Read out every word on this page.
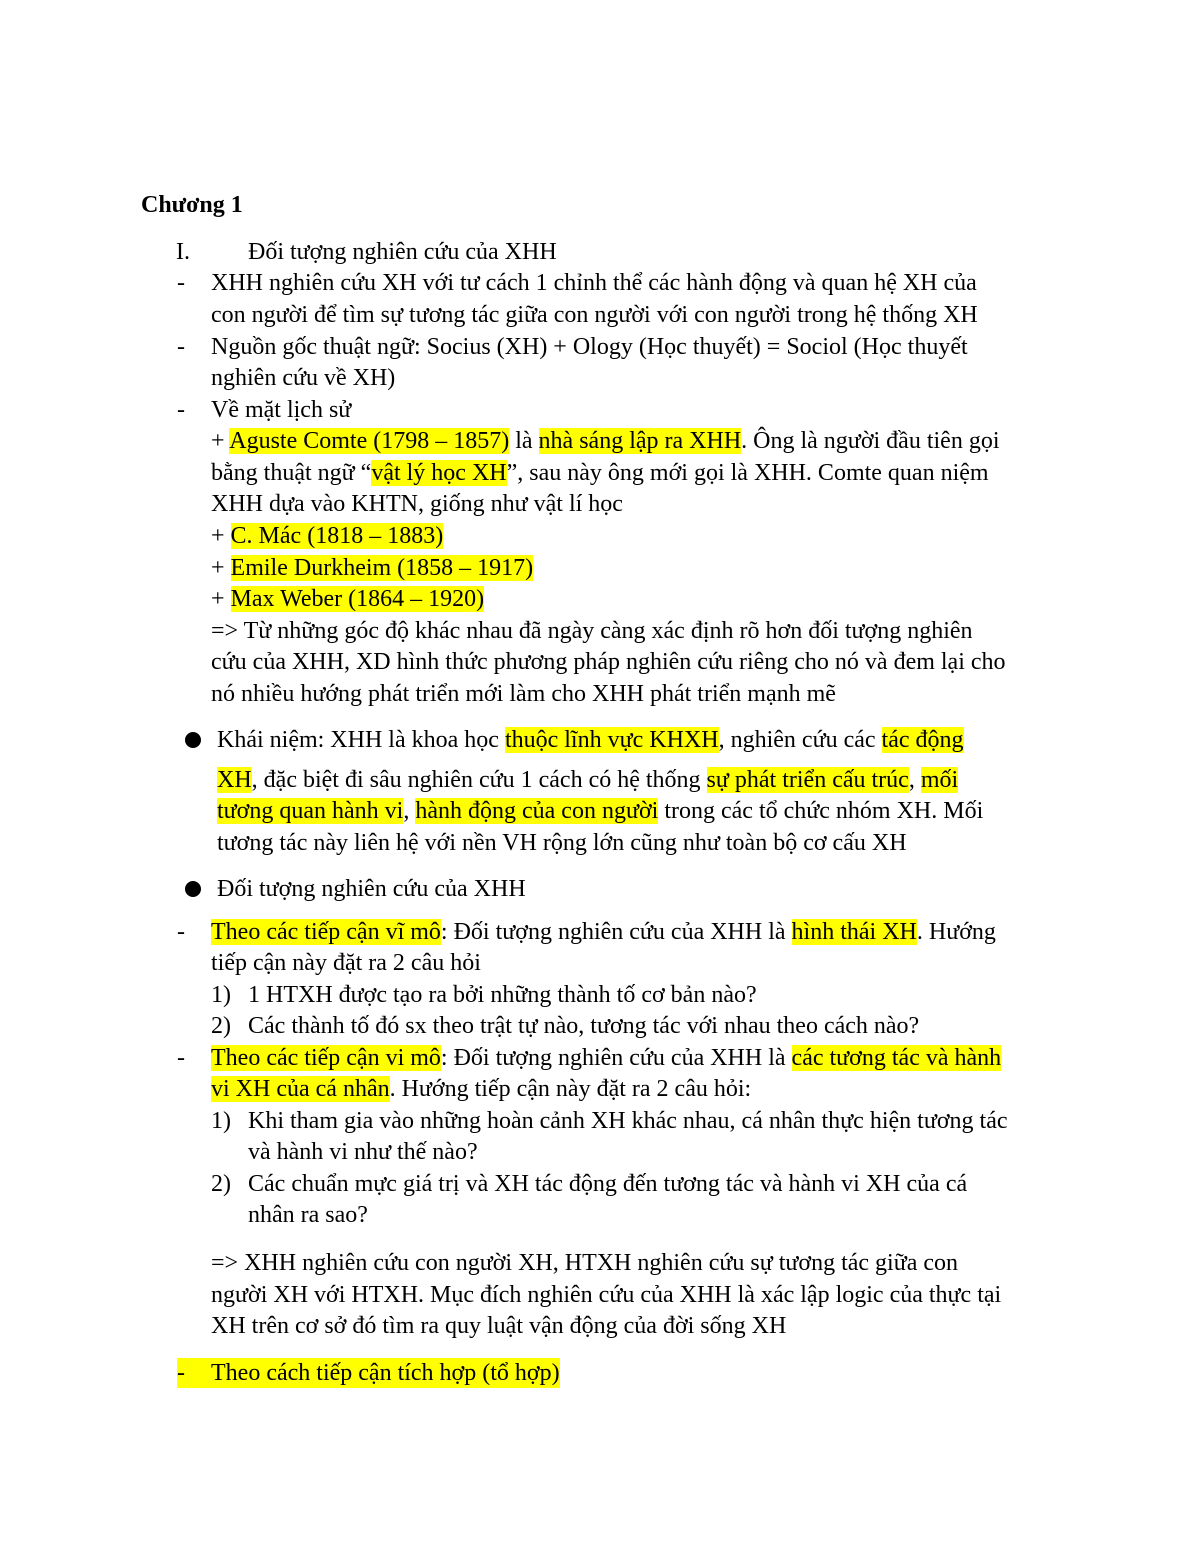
Chương 1
I. Đối tượng nghiên cứu của XHH
- XHH nghiên cứu XH với tư cách 1 chỉnh thể các hành động và quan hệ XH của
con người để tìm sự tương tác giữa con người với con người trong hệ thống XH
- Nguồn gốc thuật ngữ: Socius (XH) + Ology (Học thuyết) = Sociol (Học thuyết
nghiên cứu về XH)
- Về mặt lịch sử
+ Aguste Comte (1798 – 1857) là nhà sáng lập ra XHH. Ông là người đầu tiên gọi
bằng thuật ngữ “vật lý học XH”, sau này ông mới gọi là XHH. Comte quan niệm
XHH dựa vào KHTN, giống như vật lí học
+ C. Mác (1818 – 1883)
+ Emile Durkheim (1858 – 1917)
+ Max Weber (1864 – 1920)
=> Từ những góc độ khác nhau đã ngày càng xác định rõ hơn đối tượng nghiên
cứu của XHH, XD hình thức phương pháp nghiên cứu riêng cho nó và đem lại cho
nó nhiều hướng phát triển mới làm cho XHH phát triển mạnh mẽ
Khái niệm: XHH là khoa học thuộc lĩnh vực KHXH, nghiên cứu các tác động
XH, đặc biệt đi sâu nghiên cứu 1 cách có hệ thống sự phát triển cấu trúc, mối
tương quan hành vi, hành động của con người trong các tổ chức nhóm XH. Mối
tương tác này liên hệ với nền VH rộng lớn cũng như toàn bộ cơ cấu XH
Đối tượng nghiên cứu của XHH
- Theo các tiếp cận vĩ mô: Đối tượng nghiên cứu của XHH là hình thái XH. Hướng
tiếp cận này đặt ra 2 câu hỏi
1) 1 HTXH được tạo ra bởi những thành tố cơ bản nào?
2) Các thành tố đó sx theo trật tự nào, tương tác với nhau theo cách nào?
- Theo các tiếp cận vi mô: Đối tượng nghiên cứu của XHH là các tương tác và hành
vi XH của cá nhân. Hướng tiếp cận này đặt ra 2 câu hỏi:
1) Khi tham gia vào những hoàn cảnh XH khác nhau, cá nhân thực hiện tương tác
và hành vi như thế nào?
2) Các chuẩn mực giá trị và XH tác động đến tương tác và hành vi XH của cá
nhân ra sao?
=> XHH nghiên cứu con người XH, HTXH nghiên cứu sự tương tác giữa con
người XH với HTXH. Mục đích nghiên cứu của XHH là xác lập logic của thực tại
XH trên cơ sở đó tìm ra quy luật vận động của đời sống XH
- Theo cách tiếp cận tích hợp (tổ hợp)
